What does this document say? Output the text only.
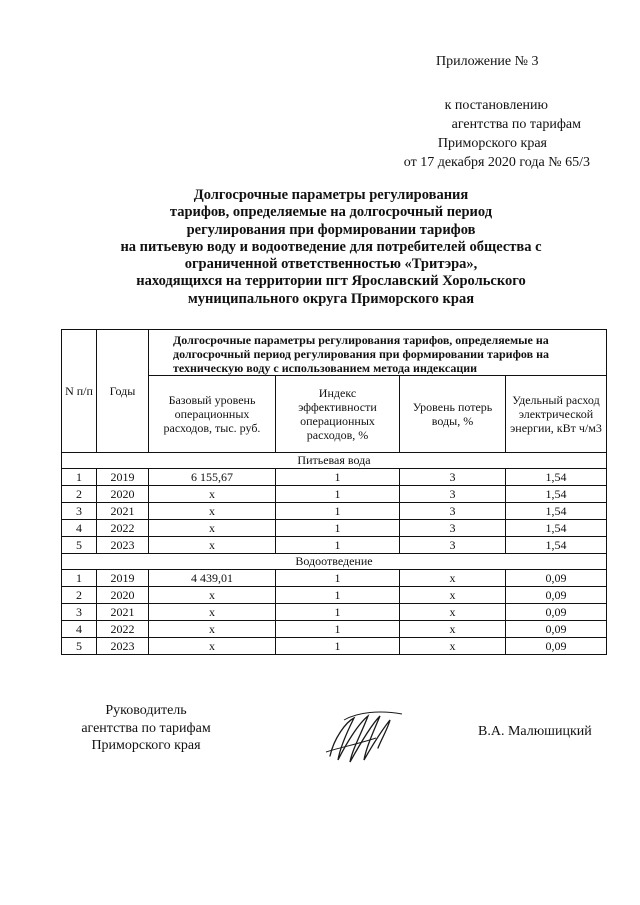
Приложение № 3
к постановлению
агентства по тарифам
Приморского края
от 17 декабря 2020 года № 65/3
Долгосрочные параметры регулирования
тарифов, определяемые на долгосрочный период
регулирования при формировании тарифов
на питьевую воду и водоотведение для потребителей общества с
ограниченной ответственностью «Тритэра»,
находящихся на территории пгт Ярославский Хорольского
муниципального округа Приморского края
N п/п	Годы	Долгосрочные параметры регулирования тарифов, определяемые на долгосрочный период регулирования при формировании тарифов на техническую воду с использованием метода индексации			
		Базовый уровень операционных расходов, тыс. руб.	Индекс эффективности операционных расходов, %	Уровень потерь воды, %	Удельный расход электрической энергии, кВт ч/м3
Питьевая вода					
1	2019	6 155,67	1	3	1,54
2	2020	x	1	3	1,54
3	2021	x	1	3	1,54
4	2022	x	1	3	1,54
5	2023	x	1	3	1,54
Водоотведение					
1	2019	4 439,01	1	x	0,09
2	2020	x	1	x	0,09
3	2021	x	1	x	0,09
4	2022	x	1	x	0,09
5	2023	x	1	x	0,09
Руководитель
агентства по тарифам
Приморского края
В.А. Малюшицкий
